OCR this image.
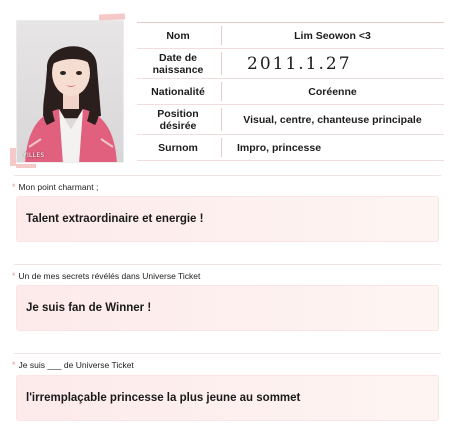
YILLES
Nom	Lim Seowon <3
Date de
naissance	2011.1.27
Nationalité	Coréenne
Position
désirée	Visual, centre, chanteuse principale
Surnom	Impro, princesse
* Mon point charmant ;
Talent extraordinaire et energie !
* Un de mes secrets révélés dans Universe Ticket
Je suis fan de Winner !
* Je suis ___ de Universe Ticket
l'irremplaçable princesse la plus jeune au sommet
